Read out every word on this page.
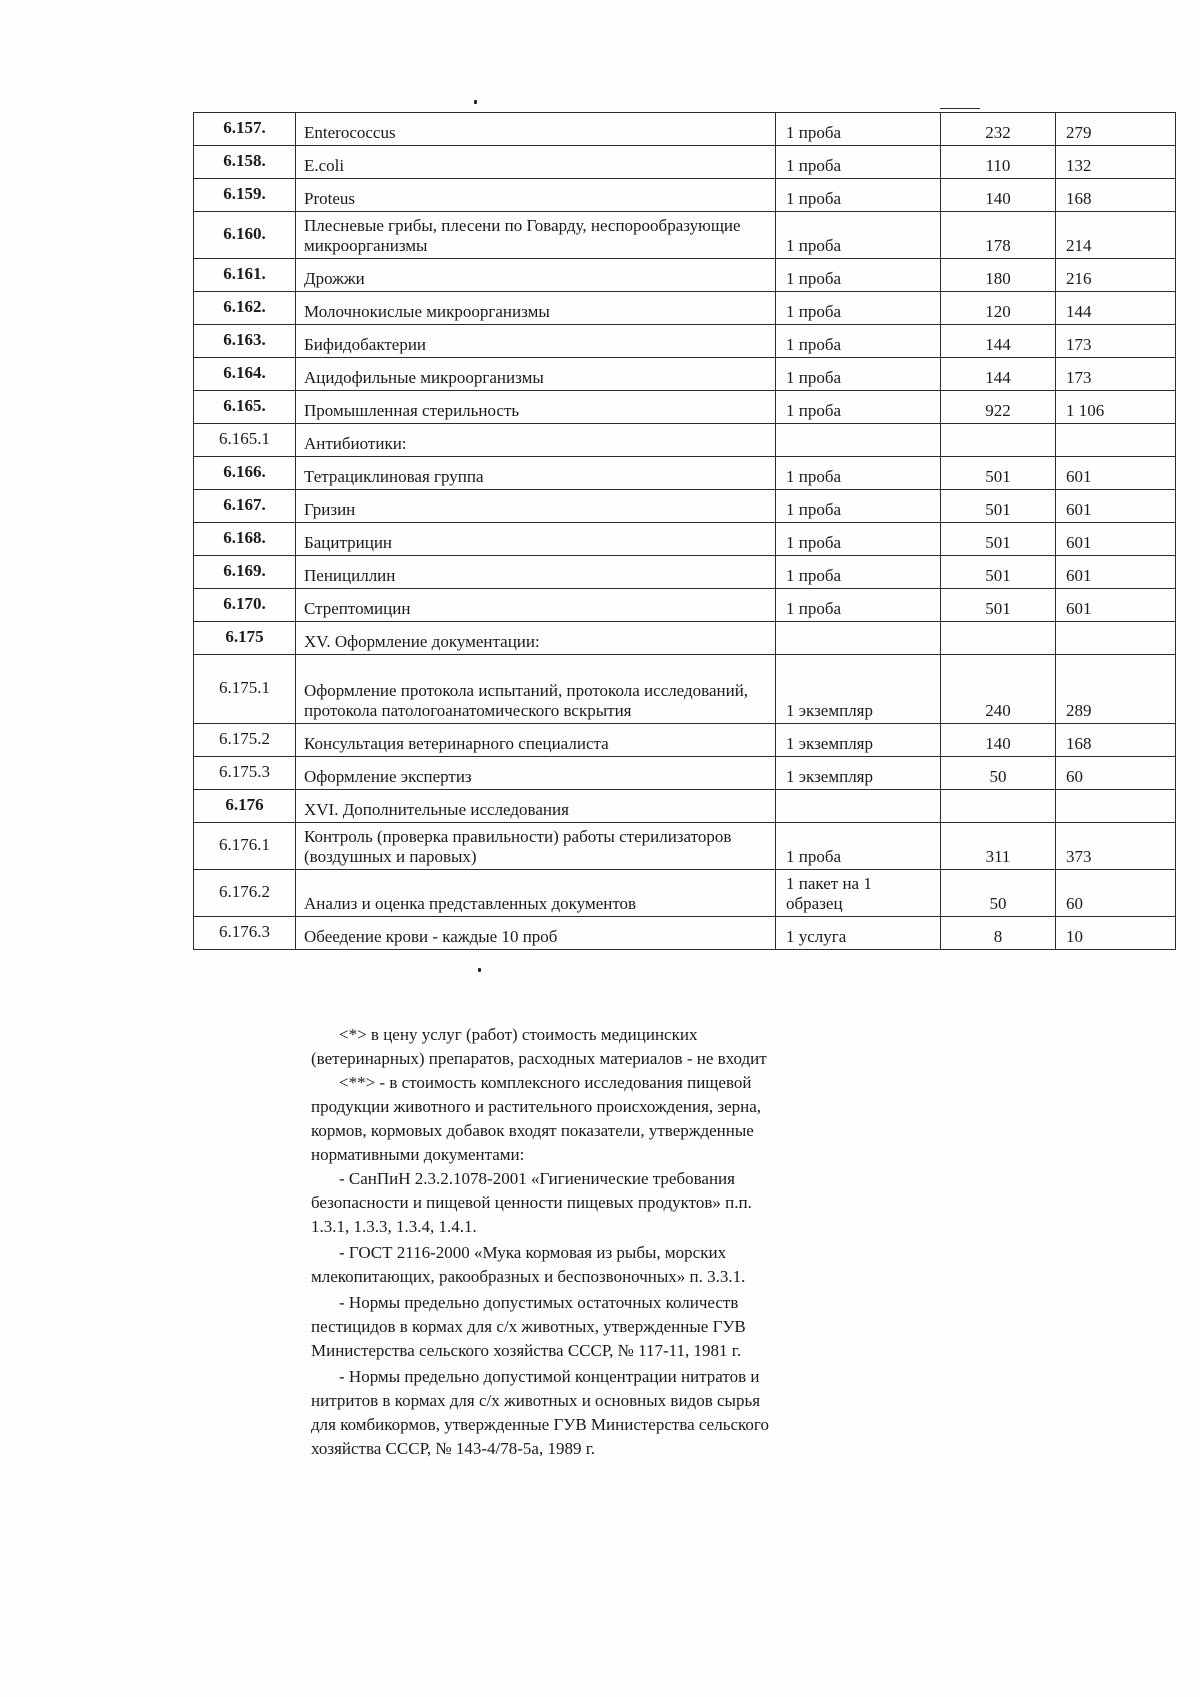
6.157.	Enterococcus	1 проба	232	279
6.158.	E.coli	1 проба	110	132
6.159.	Proteus	1 проба	140	168
6.160.	Плесневые грибы, плесени по Говарду, неспорообразующие микроорганизмы	1 проба	178	214
6.161.	Дрожжи	1 проба	180	216
6.162.	Молочнокислые микроорганизмы	1 проба	120	144
6.163.	Бифидобактерии	1 проба	144	173
6.164.	Ацидофильные микроорганизмы	1 проба	144	173
6.165.	Промышленная стерильность	1 проба	922	1 106
6.165.1	Антибиотики:			
6.166.	Тетрациклиновая группа	1 проба	501	601
6.167.	Гризин	1 проба	501	601
6.168.	Бацитрицин	1 проба	501	601
6.169.	Пенициллин	1 проба	501	601
6.170.	Стрептомицин	1 проба	501	601
6.175	XV. Оформление документации:			
6.175.1	Оформление протокола испытаний, протокола исследований, протокола патологоанатомического вскрытия	1 экземпляр	240	289
6.175.2	Консультация ветеринарного специалиста	1 экземпляр	140	168
6.175.3	Оформление экспертиз	1 экземпляр	50	60
6.176	XVI. Дополнительные исследования			
6.176.1	Контроль (проверка правильности) работы стерилизаторов (воздушных и паровых)	1 проба	311	373
6.176.2	Анализ и оценка представленных документов	1 пакет на 1 образец	50	60
6.176.3	Обеедение крови - каждые 10 проб	1 услуга	8	10

<*> в цену услуг (работ) стоимость медицинских (ветеринарных) препаратов, расходных материалов - не входит

<**> - в стоимость комплексного исследования пищевой продукции животного и растительного происхождения, зерна, кормов, кормовых добавок входят показатели, утвержденные нормативными документами:

- СанПиН 2.3.2.1078-2001 «Гигиенические требования безопасности и пищевой ценности пищевых продуктов» п.п. 1.3.1, 1.3.3, 1.3.4, 1.4.1.

- ГОСТ 2116-2000 «Мука кормовая из рыбы, морских млекопитающих, ракообразных и беспозвоночных» п. 3.3.1.

- Нормы предельно допустимых остаточных количеств пестицидов в кормах для с/х животных, утвержденные ГУВ Министерства сельского хозяйства СССР, № 117-11, 1981 г.

- Нормы предельно допустимой концентрации нитратов и нитритов в кормах для с/х животных и основных видов сырья для комбикормов, утвержденные ГУВ Министерства сельского хозяйства СССР, № 143-4/78-5а, 1989 г.
